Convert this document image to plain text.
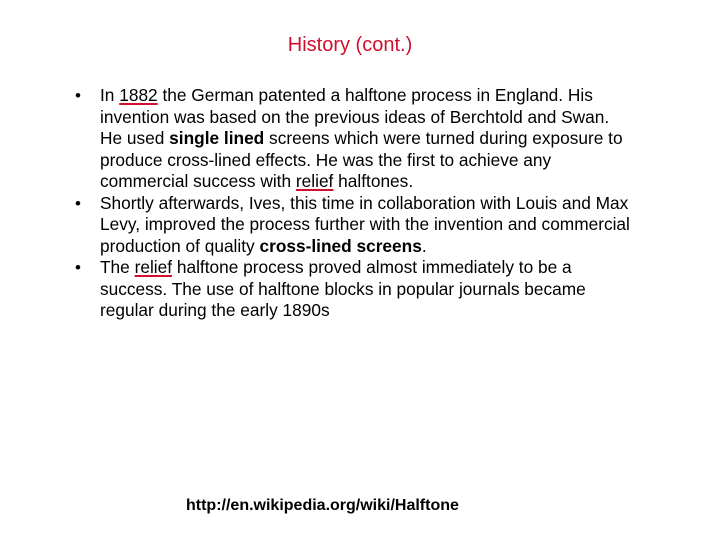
History (cont.)
• In 1882 the German patented a halftone process in England. His invention was based on the previous ideas of Berchtold and Swan. He used single lined screens which were turned during exposure to produce cross-lined effects. He was the first to achieve any commercial success with relief halftones.
• Shortly afterwards, Ives, this time in collaboration with Louis and Max Levy, improved the process further with the invention and commercial production of quality cross-lined screens.
• The relief halftone process proved almost immediately to be a success. The use of halftone blocks in popular journals became regular during the early 1890s
http://en.wikipedia.org/wiki/Halftone
